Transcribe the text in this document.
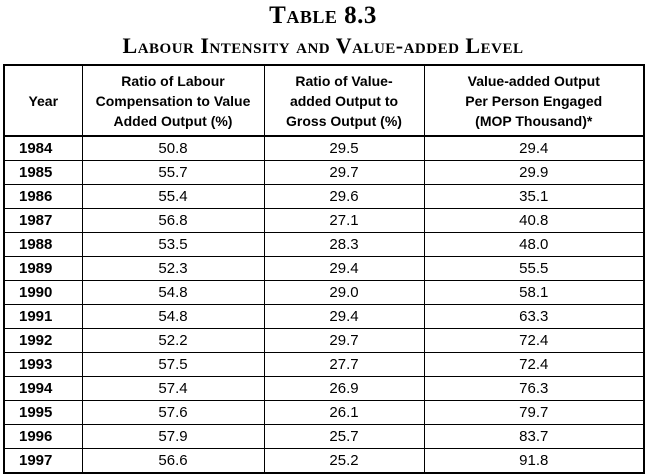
Table 8.3
Labour Intensity and Value-added Level
Year	Ratio of Labour
Compensation to Value
Added Output (%)	Ratio of Value-
added Output to
Gross Output (%)	Value-added Output
Per Person Engaged
(MOP Thousand)*

1984	50.8	29.5	29.4
1985	55.7	29.7	29.9
1986	55.4	29.6	35.1
1987	56.8	27.1	40.8
1988	53.5	28.3	48.0
1989	52.3	29.4	55.5
1990	54.8	29.0	58.1
1991	54.8	29.4	63.3
1992	52.2	29.7	72.4
1993	57.5	27.7	72.4
1994	57.4	26.9	76.3
1995	57.6	26.1	79.7
1996	57.9	25.7	83.7
1997	56.6	25.2	91.8
